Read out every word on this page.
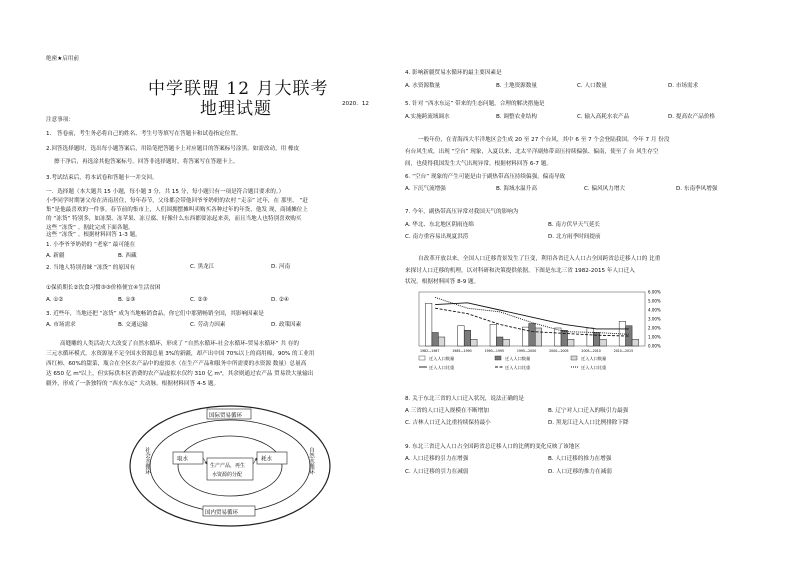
绝密★启用前
中学联盟 12 月大联考
地理试题	2020．12
注意事项：
1． 答卷前，考生务必将自己的姓名、考生号等填写在答题卡和试卷指定位置。
2.回答选择题时，选出每小题答案后，用铅笔把答题卡上对应题目的答案标号涂黑。如需改动，用 橡皮
擦干净后，再选涂其他答案标号。回答非选择题时，将答案写在答题卡上。
3.考试结束后，将本试卷和答题卡一并交回。
一．选择题（本大题共 15 小题，每小题 3 分，共 15 分，每小题只有一项是符合题目要求的。）
小李同学时期暑父母在济南居住，每年春节，父母都会带他回爷爷奶奶的农村 “走亲” 过年，在 那里， “赶
集”是他最喜欢的一件事。春节前的集市上，人们围拥摆摊叫卖购买各种过年的年货，他发 现，商铺摊位上
的 “冻货” 特别多，如冻梨、冻苹果、冻豆腐、好像什么东西都要冻起来卖，而且当地人也特别喜欢购买
这些 “冻货” 。据此完成下面各题。
这些 “冻货” 。根据材料回答 1-3 题。
1. 小李爷爷奶奶的 “老家” 最可能在
A. 新疆	B. 西藏
C. 黑龙江	D. 河南
2. 当地人特别青睐 “冻货” 的原因有
①保质期长②饮食习惯③③价格便宜④生活贫困
A. ①②	B. ①③	C. ②③	D. ②④
3. 近些年，当地还把 “冻货” 成为当地畅销食品，你它们中那猪畅销全国，其影响因素是
A. 市场需求	B. 交通运输	C. 劳动力因素	D. 政策因素
高缝雕的人类活动大大改变了自然水循环，形成了 “自然水循环-社会水循环-贸易水循环” 共 存的
三元水循环模式。水资源量不足全国水资源总量 3%的新疆，却产出中国 70%以上的商用棉，90% 的工业用
西红柿、60%的甜菜，瓶合在全区农产品中的虚拟水（在生产产品和服务中所需要的水资源 数量）总量高
达 650 亿 m³以上，但实际供本区消费的农产品虚拟水仅约 310 亿 m³，其余则通过农产品 贸易铁大量输出
疆外，形成了一条独特的 “西水东运” 大动脉。根据材料回答 4-5 题。
国际贸易循环
国内贸易循环
取水	耗水
生产产品，再生
水资源的分配
社会水循环	自然水循环
4. 影响新疆贸易水循环的最主要因素是
A. 水资源数量	B. 土地资源数量	C. 人口数量	D. 市场需求
5. 针对 “西水东运” 带来的生态问题，合理的解决措施是
A.实施跨流域调水	B. 调整农业结构	C. 输入高耗水农产品	D. 提高农产品价格
一般年份，在青海西大半洋地区会生成 20 至 27 个台风，其中 6 至 7 个会登陆我国。今年 7 月 份没
有台风生成，出现 “空台” 现象，入夏以来，北太平洋副热带高压持续偏强、偏南，使至了 台 风生存空
间，也使得我国发生大气出现异常。根据材料回答 6-7 题。
6. “空台” 现象的产生可能是由于副热带高压持续偏强，偏南导致
A. 下沉气流增强	B. 海域水温升高	C. 偏风风力增大	D. 东南季风增强
7. 今年，副热带高压异常对我国天气的影响为
A. 华北、东北地区阴雨连绵	B. 南方伏旱天气延长
C. 南方重容易出现夏洪涝	D. 北方雨季时间提前
自改革开放以来，全国人口迁移背景发生了巨变，利用各省迁入人口占全国跨省总迁移人口的 比重
来探讨人口迁移的机理，以对科研和决策提供依据。下图是东北三省 1982-2015 年人口迁入
状况。根据材料回答 8-9 题。
1982—1987	1985—1990	1990—1995	1995—2000	2000—2005	2005—2010	2010—2015
0.00%
1.00%
2.00%
3.00%
4.00%
5.00%
6.00%
迁入人口数量	迁入人口数量	迁入人口数量
迁入人口比重	迁入人口比重	迁入人口比重
8. 关于东北三省的人口迁入状况，说法正确的是
A 三省的人口迁入规模在不断增加	B. 辽宁对人口迁入的吸引力最强
C. 吉林人口迁入比重持续保持最小	D. 黑龙江迁入人口比例排除下降
9. 东北三省迁入人口占全国跨省总迁移人口的比例的变化反映了该地区
A. 人口迁移的引力在增强	B. 人口迁移的推力在增强
C. 人口迁移的引力在减弱	D. 人口迁移的推力在减弱
